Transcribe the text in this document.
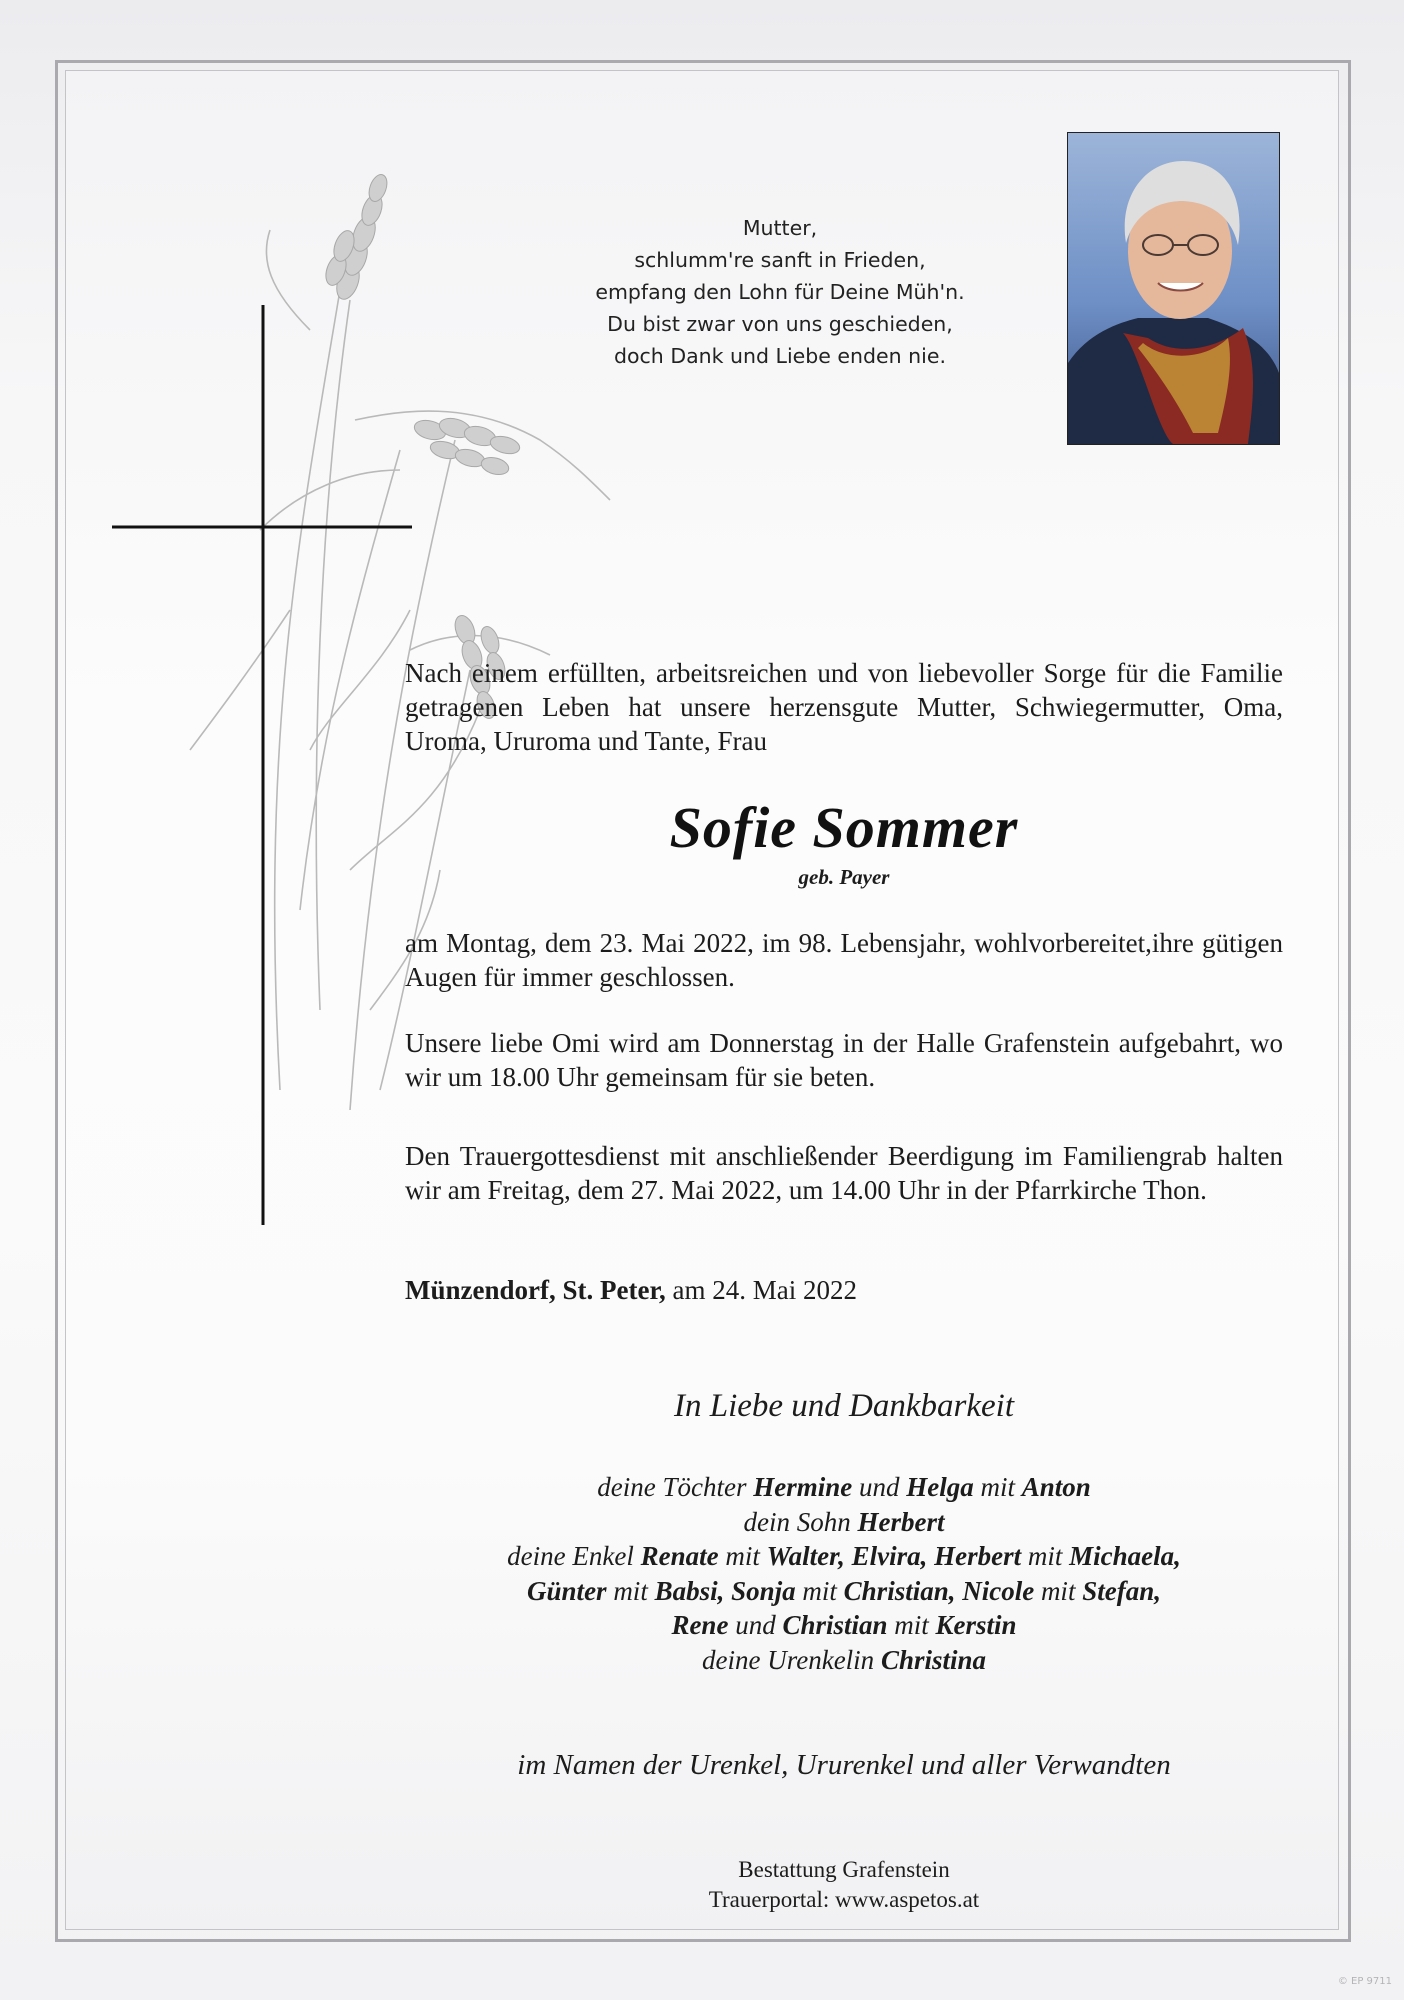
Mutter,
schlumm're sanft in Frieden,
empfang den Lohn für Deine Müh'n.
Du bist zwar von uns geschieden,
doch Dank und Liebe enden nie.
Nach einem erfüllten, arbeitsreichen und von liebevoller Sorge für die Familie getragenen Leben hat unsere herzensgute Mutter, Schwiegermutter, Oma, Uroma, Ururoma und Tante, Frau
Sofie Sommer
geb. Payer
am Montag, dem 23. Mai 2022, im 98. Lebensjahr, wohlvorbereitet,ihre gütigen Augen für immer geschlossen.
Unsere liebe Omi wird am Donnerstag in der Halle Grafenstein aufgebahrt, wo wir um 18.00 Uhr gemeinsam für sie beten.
Den Trauergottesdienst mit anschließender Beerdigung im Familiengrab halten wir am Freitag, dem 27. Mai 2022, um 14.00 Uhr in der Pfarrkirche Thon.
Münzendorf, St. Peter, am 24. Mai 2022
In Liebe und Dankbarkeit
deine Töchter Hermine und Helga mit Anton
dein Sohn Herbert
deine Enkel Renate mit Walter, Elvira, Herbert mit Michaela,
Günter mit Babsi, Sonja mit Christian, Nicole mit Stefan,
Rene und Christian mit Kerstin
deine Urenkelin Christina
im Namen der Urenkel, Ururenkel und aller Verwandten
Bestattung Grafenstein
Trauerportal: www.aspetos.at
© EP 9711
